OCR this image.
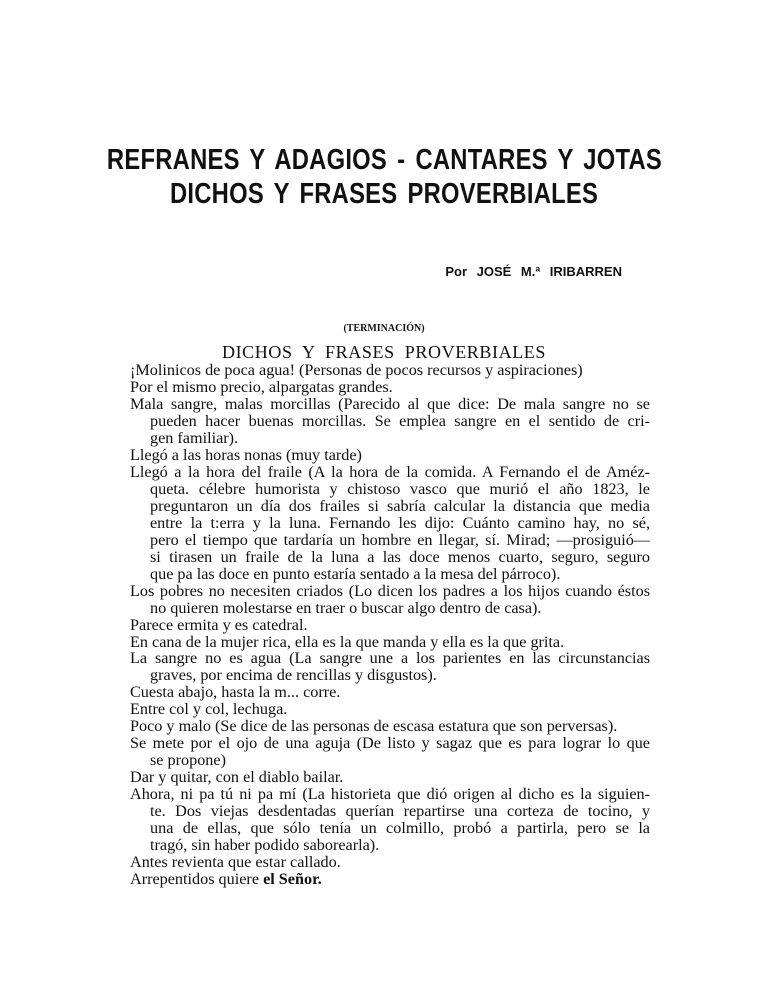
REFRANES Y ADAGIOS - CANTARES Y JOTAS
DICHOS Y FRASES PROVERBIALES
Por JOSÉ M.ª IRIBARREN
(TERMINACIÓN)
DICHOS Y FRASES PROVERBIALES
¡Molinicos de poca agua! (Personas de pocos recursos y aspiraciones)
Por el mismo precio, alpargatas grandes.
Mala sangre, malas morcillas (Parecido al que dice: De mala sangre no se
pueden hacer buenas morcillas. Se emplea sangre en el sentido de cri-
gen familiar).
Llegó a las horas nonas (muy tarde)
Llegó a la hora del fraile (A la hora de la comida. A Fernando el de Améz-
queta. célebre humorista y chistoso vasco que murió el año 1823, le
preguntaron un día dos frailes si sabría calcular la distancia que media
entre la t:erra y la luna. Fernando les dijo: Cuánto camino hay, no sé,
pero el tiempo que tardaría un hombre en llegar, sí. Mirad; —prosiguió—
si tirasen un fraile de la luna a las doce menos cuarto, seguro, seguro
que pa las doce en punto estaría sentado a la mesa del párroco).
Los pobres no necesiten criados (Lo dicen los padres a los hijos cuando éstos
no quieren molestarse en traer o buscar algo dentro de casa).
Parece ermita y es catedral.
En cana de la mujer rica, ella es la que manda y ella es la que grita.
La sangre no es agua (La sangre une a los parientes en las circunstancias
graves, por encima de rencillas y disgustos).
Cuesta abajo, hasta la m... corre.
Entre col y col, lechuga.
Poco y malo (Se dice de las personas de escasa estatura que son perversas).
Se mete por el ojo de una aguja (De listo y sagaz que es para lograr lo que
se propone)
Dar y quitar, con el diablo bailar.
Ahora, ni pa tú ni pa mí (La historieta que dió origen al dicho es la siguien-
te. Dos viejas desdentadas querían repartirse una corteza de tocino, y
una de ellas, que sólo tenía un colmillo, probó a partirla, pero se la
tragó, sin haber podido saborearla).
Antes revienta que estar callado.
Arrepentidos quiere el Señor.
